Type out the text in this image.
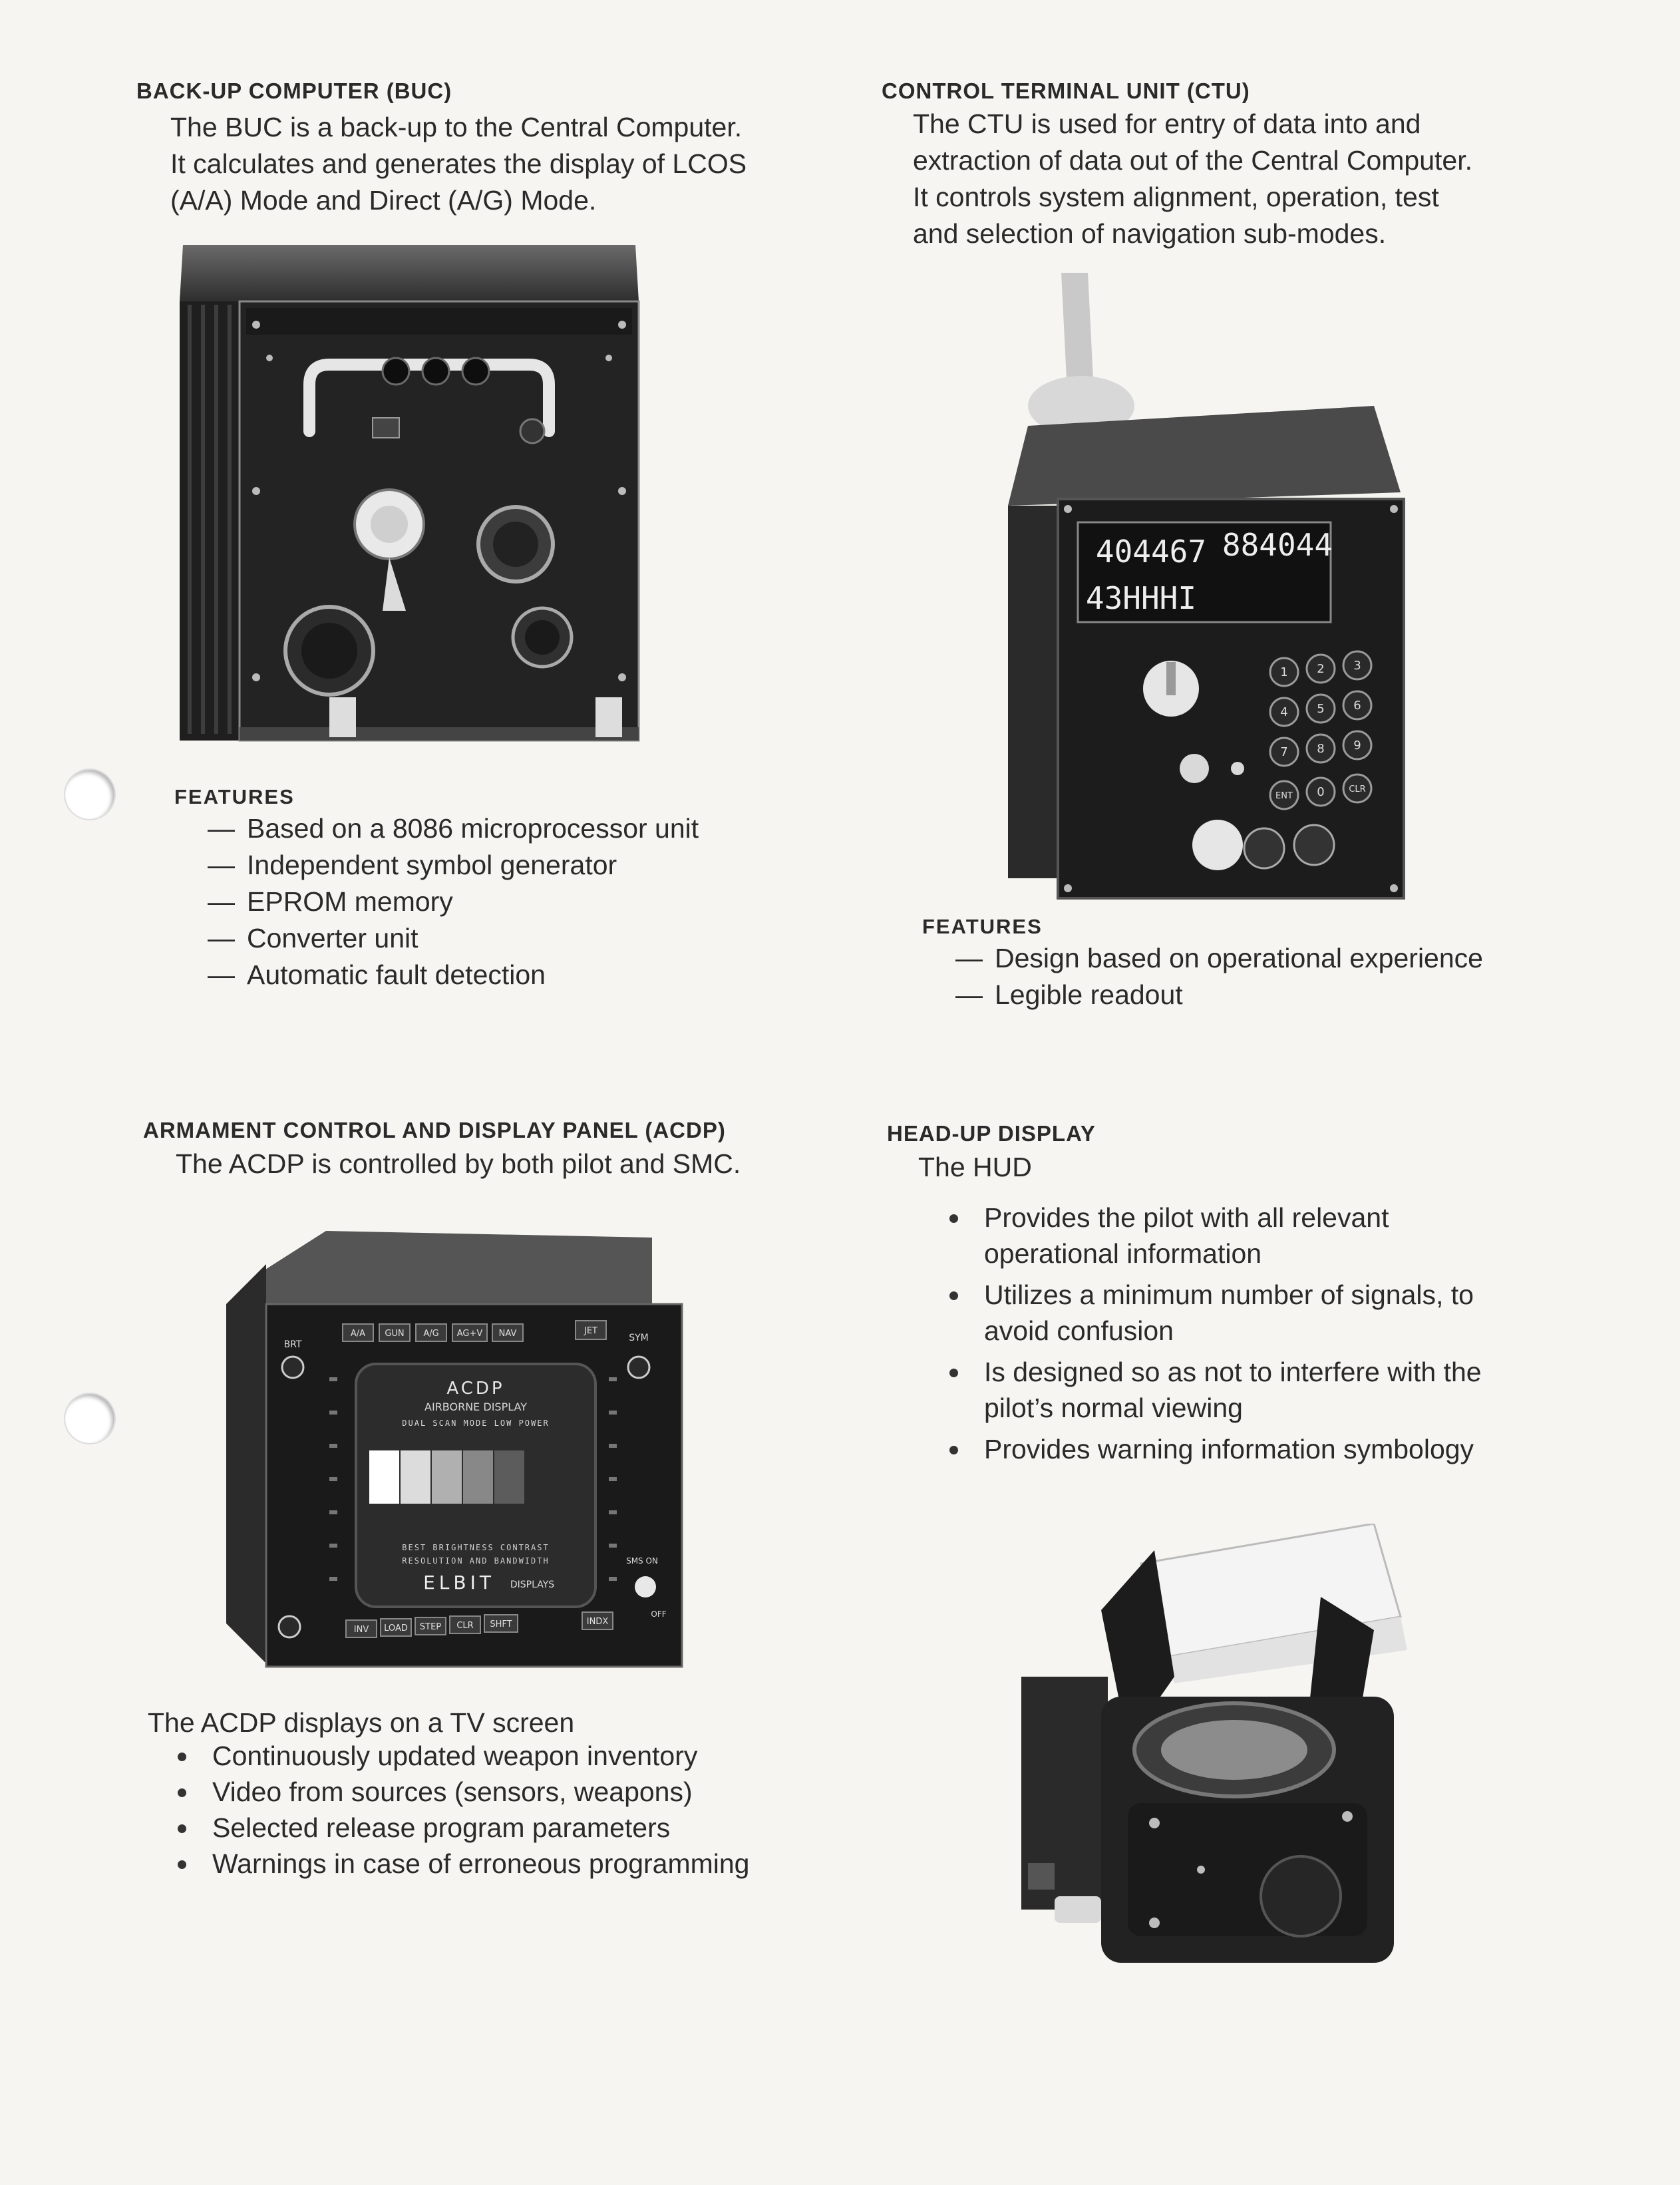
BACK-UP COMPUTER (BUC)
The BUC is a back-up to the Central Computer.
It calculates and generates the display of LCOS
(A/A) Mode and Direct (A/G) Mode.
FEATURES
— Based on a 8086 microprocessor unit
— Independent symbol generator
— EPROM memory
— Converter unit
— Automatic fault detection
CONTROL TERMINAL UNIT (CTU)
The CTU is used for entry of data into and
extraction of data out of the Central Computer.
It controls system alignment, operation, test
and selection of navigation sub-modes.
404467 884044
43HHHI
1 2 3
4 5 6
7 8 9
ENT 0	CLR
FEATURES
— Design based on operational experience
— Legible readout
ARMAMENT CONTROL AND DISPLAY PANEL (ACDP)
The ACDP is controlled by both pilot and SMC.
A/A GUN A/G AG+V NAV	JET
BRT
SYM
ACDP
AIRBORNE DISPLAY
DUAL SCAN MODE LOW POWER
BEST BRIGHTNESS CONTRAST
RESOLUTION AND BANDWIDTH
ELBIT DISPLAYS
SMS ON
OFF
INV LOAD STEP CLR SHFT	INDX
The ACDP displays on a TV screen
Continuously updated weapon inventory
Video from sources (sensors, weapons)
Selected release program parameters
Warnings in case of erroneous programming
HEAD-UP DISPLAY
The HUD
Provides the pilot with all relevant
operational information
Utilizes a minimum number of signals, to
avoid confusion
Is designed so as not to interfere with the
pilot’s normal viewing
Provides warning information symbology
